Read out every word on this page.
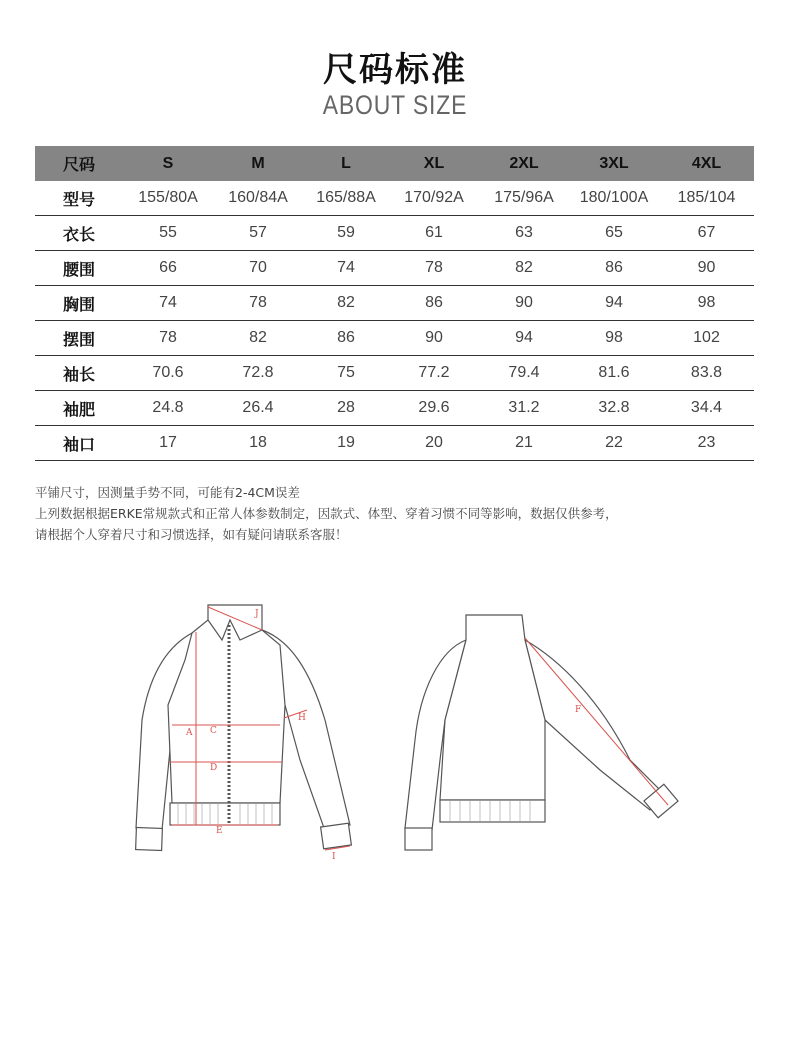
尺码标准
ABOUT SIZE
尺码	S	M	L	XL	2XL	3XL	4XL
型号	155/80A	160/84A	165/88A	170/92A	175/96A	180/100A	185/104
衣长	55	57	59	61	63	65	67
腰围	66	70	74	78	82	86	90
胸围	74	78	82	86	90	94	98
摆围	78	82	86	90	94	98	102
袖长	70.6	72.8	75	77.2	79.4	81.6	83.8
袖肥	24.8	26.4	28	29.6	31.2	32.8	34.4
袖口	17	18	19	20	21	22	23
平铺尺寸，因测量手势不同，可能有2-4CM误差
上列数据根据ERKE常规款式和正常人体参数制定，因款式、体型、穿着习惯不同等影响，数据仅供参考，
请根据个人穿着尺寸和习惯选择，如有疑问请联系客服！
J
A C
D
E
H
I
F
